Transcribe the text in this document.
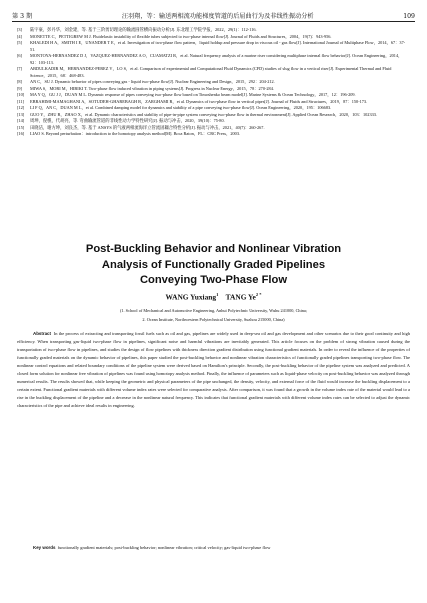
第 3 期	汪羽翔，等：输送两相流功能梯度管道的后屈曲行为及非线性振动分析	109
[3]	陆宇豪，彭丹华，刘金建，等. 基于三阶剪切理论的输流圆管横向振动分析[J]. 东北理工学院学报，2022，29(1)：112-116.
[4]	MONETTE C，PETTIGREW M J. Fluidelastic instability of flexible tubes subjected to two-phase internal flow[J]. Journal of Fluids and Structures，2004，19(7)：943-956.
[5]	KHALEDI H A，SMITH I E，UNANDER T E，et al. Investigation of two-phase flow pattern，liquid holdup and pressure drop in viscous oil - gas flow[J]. International Journal of Multiphase Flow，2014，67：37-51.
[6]	MONTOYA-HERNANDEZ D J，VAZQUEZ-HERNANDEZ A O，CUAMATZI R，et al. Natural frequency analysis of a marine riser considering multiphase internal flow behavior[J]. Ocean Engineering，2014，92：103-113.
[7]	ABDULKADIR M，HERNANDEZ-PEREZ V，LO S，et al. Comparison of experimental and Computational Fluid Dynamics (CFD) studies of slug flow in a vertical riser[J]. Experimental Thermal and Fluid Science，2015，68：468-483.
[8]	AN C，SU J. Dynamic behavior of pipes conveying gas - liquid two-phase flow[J]. Nuclear Engineering and Design，2015，292：204-212.
[9]	MIWA S，MORI M，HIBIKI T. Two-phase flow induced vibration in piping systems[J]. Progress in Nuclear Energy，2015，78：270-284.
[10]	MA Y Q，GU J J，DUAN M L. Dynamic response of pipes conveying two-phase flow based on Timoshenko beam model[J]. Marine Systems & Ocean Technology，2017，12：196-209.
[11]	EBRAHIMI-MAMAGHANI A，SOTUDEH-GHAREBAGH R，ZARGHAMI R，et al. Dynamics of two-phase flow in vertical pipes[J]. Journal of Fluids and Structures，2019，87：150-173.
[12]	LI F Q，AN C，DUAN M L，et al. Combined damping model for dynamics and stability of a pipe conveying two-phase flow[J]. Ocean Engineering，2020，195：106683.
[13]	GUO Y，ZHU B，ZHAO X，et al. Dynamic characteristics and stability of pipe-in-pipe system conveying two-phase flow in thermal environment[J]. Applied Ocean Research，2020，103：102333.
[14]	周坤，倪樵，代胡亮，等. 弯曲输流管道的非线性动力学特性研究[J]. 振动与冲击，2020，39(10)：75-80.
[15]	田晓洁，谢方坤，刘良杰，等. 基于 ANSYS 的气液两相流海洋立管流固耦合特性分析[J]. 振动与冲击，2021，40(7)：260-267.
[16]	LIAO S. Beyond perturbation：introduction to the homotopy analysis method[M]. Boca Raton，FL：CRC Press，2003.
Post-Buckling Behavior and Nonlinear Vibration
Analysis of Functionally Graded Pipelines
Conveying Two-Phase Flow
WANG Yuxiang$^1$ TANG $Ye^{2 *}$
(1. School of Mechanical and Automotive Engineering, Anhui Polytechnic University, Wuhu 241000, China;
2. Ocean Institute, Northwestern Polytechnical University, Suzhou 215000, China)
Abstract In the process of extracting and transporting fossil fuels such as oil and gas, pipelines are widely used in deep-sea oil and gas development and other scenarios due to their good continuity and high efficiency. When transporting gas-liquid two-phase flow in pipelines, significant noise and harmful vibrations are inevitably generated. This article focuses on the problem of strong vibration caused during the transportation of two-phase flow in pipelines, and studies the design of flow pipelines with thickness direction gradient distribution using functional gradient materials. In order to reveal the influence of the properties of functionally graded materials on the dynamic behavior of pipelines, this paper studied the post-buckling behavior and nonlinear vibration characteristics of functionally graded pipelines transporting two-phase flow. The nonlinear control equations and related boundary conditions of the pipeline system were derived based on Hamilton's principle. Secondly, the post-buckling behavior of the pipeline system was analyzed and predicted. A closed form solution for nonlinear free vibration of pipelines was found using homotopy analysis method. Finally, the influence of parameters such as liquid-phase velocity on post-buckling behavior was analyzed through numerical results. The results showed that, while keeping the geometric and physical parameters of the pipe unchanged, the density, velocity, and external force of the fluid would increase the buckling displacement to a certain extent. Functional gradient materials with different volume index rates were selected for comparative analysis. After comparison, it was found that a growth in the volume index rate of the material would lead to a rise in the buckling displacement of the pipeline and a decrease in the nonlinear natural frequency. This indicates that functional gradient materials with different volume index rates can be selected to adjust the dynamic characteristics of the pipe and achieve ideal results in engineering.
Key words functionally gradient materials; post-buckling behavior; nonlinear vibration; critical velocity; gas-liquid two-phase flow
